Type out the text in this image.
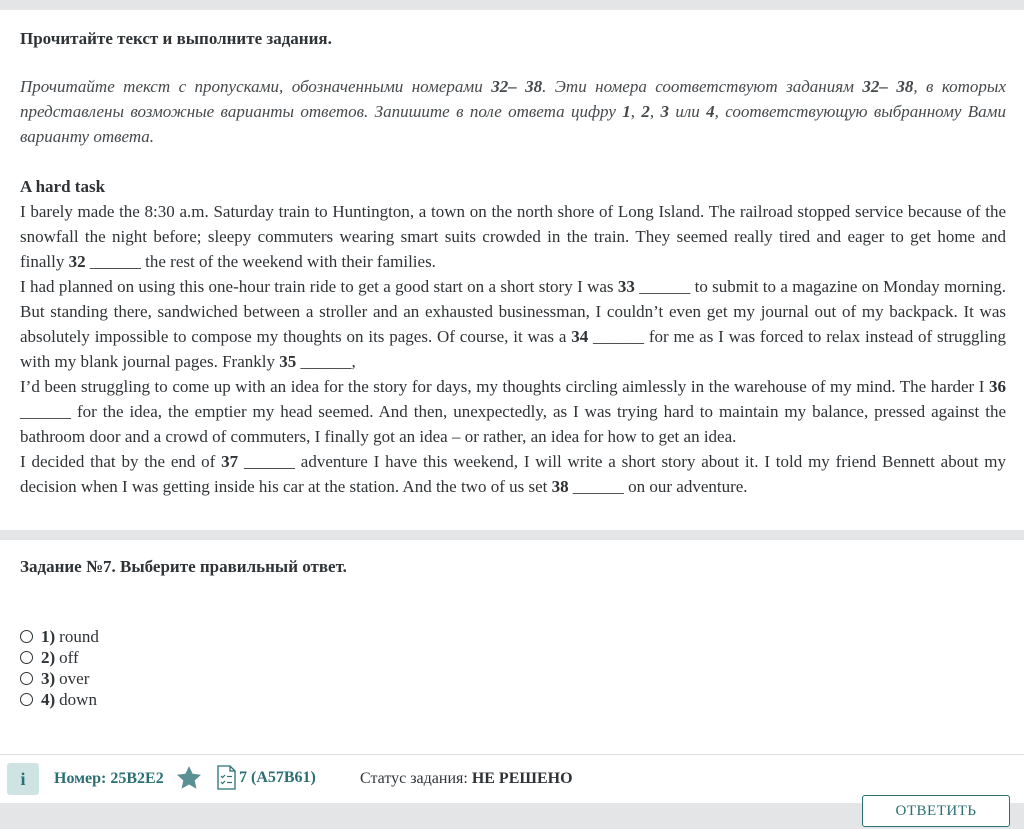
Прочитайте текст и выполните задания.

Прочитайте текст с пропусками, обозначенными номерами 32– 38. Эти номера соответствуют заданиям 32– 38, в которых представлены возможные варианты ответов. Запишите в поле ответа цифру 1, 2, 3 или 4, соответствующую выбранному Вами варианту ответа.

A hard task

I barely made the 8:30 a.m. Saturday train to Huntington, a town on the north shore of Long Island. The railroad stopped service because of the snowfall the night before; sleepy commuters wearing smart suits crowded in the train. They seemed really tired and eager to get home and finally 32 ______ the rest of the weekend with their families.

I had planned on using this one-hour train ride to get a good start on a short story I was 33 ______ to submit to a magazine on Monday morning. But standing there, sandwiched between a stroller and an exhausted businessman, I couldn’t even get my journal out of my backpack. It was absolutely impossible to compose my thoughts on its pages. Of course, it was a 34 ______ for me as I was forced to relax instead of struggling with my blank journal pages. Frankly 35 ______,

I’d been struggling to come up with an idea for the story for days, my thoughts circling aimlessly in the warehouse of my mind. The harder I 36 ______ for the idea, the emptier my head seemed. And then, unexpectedly, as I was trying hard to maintain my balance, pressed against the bathroom door and a crowd of commuters, I finally got an idea – or rather, an idea for how to get an idea.

I decided that by the end of 37 ______ adventure I have this weekend, I will write a short story about it. I told my friend Bennett about my decision when I was getting inside his car at the station. And the two of us set 38 ______ on our adventure.

Задание №7. Выберите правильный ответ.
1) round
2) off
3) over
4) down
i	Номер: 25B2E2	7 (A57B61)	Статус задания: НЕ РЕШЕНО
ОТВЕТИТЬ
